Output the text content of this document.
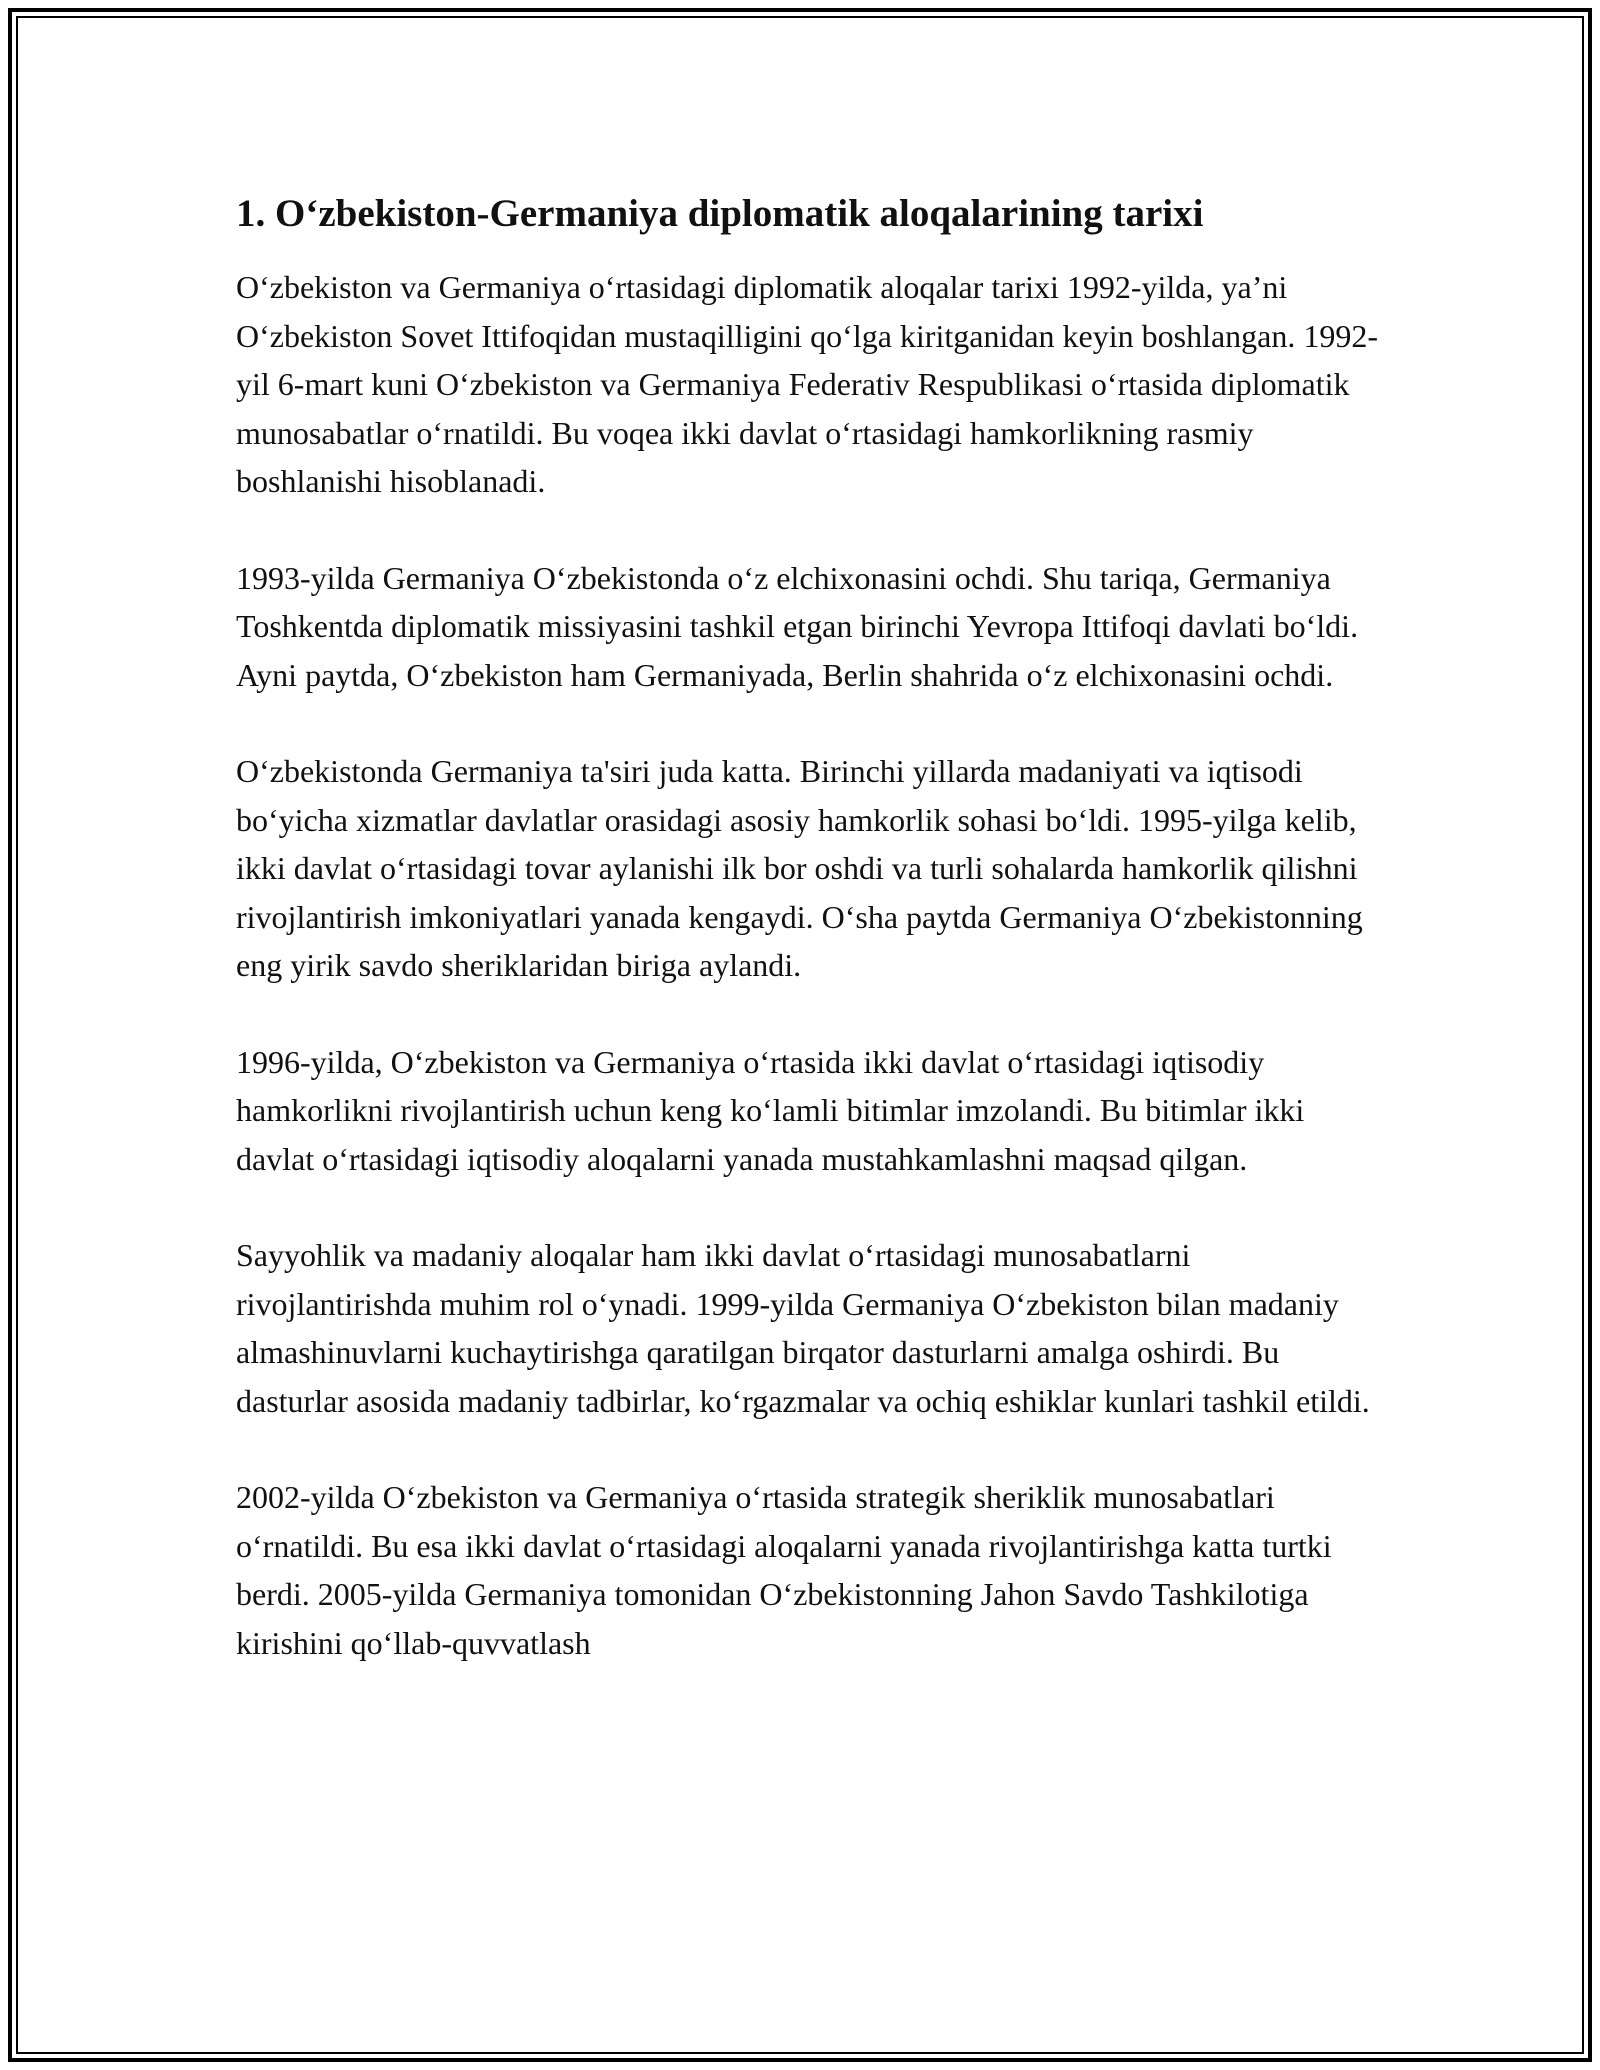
1. O‘zbekiston-Germaniya diplomatik aloqalarining tarixi

O‘zbekiston va Germaniya o‘rtasidagi diplomatik aloqalar tarixi 1992-yilda, ya’ni O‘zbekiston Sovet Ittifoqidan mustaqilligini qo‘lga kiritganidan keyin boshlangan. 1992-yil 6-mart kuni O‘zbekiston va Germaniya Federativ Respublikasi o‘rtasida diplomatik munosabatlar o‘rnatildi. Bu voqea ikki davlat o‘rtasidagi hamkorlikning rasmiy boshlanishi hisoblanadi.

1993-yilda Germaniya O‘zbekistonda o‘z elchixonasini ochdi. Shu tariqa, Germaniya Toshkentda diplomatik missiyasini tashkil etgan birinchi Yevropa Ittifoqi davlati bo‘ldi. Ayni paytda, O‘zbekiston ham Germaniyada, Berlin shahrida o‘z elchixonasini ochdi.

O‘zbekistonda Germaniya ta'siri juda katta. Birinchi yillarda madaniyati va iqtisodi bo‘yicha xizmatlar davlatlar orasidagi asosiy hamkorlik sohasi bo‘ldi. 1995-yilga kelib, ikki davlat o‘rtasidagi tovar aylanishi ilk bor oshdi va turli sohalarda hamkorlik qilishni rivojlantirish imkoniyatlari yanada kengaydi. O‘sha paytda Germaniya O‘zbekistonning eng yirik savdo sheriklaridan biriga aylandi.

1996-yilda, O‘zbekiston va Germaniya o‘rtasida ikki davlat o‘rtasidagi iqtisodiy hamkorlikni rivojlantirish uchun keng ko‘lamli bitimlar imzolandi. Bu bitimlar ikki davlat o‘rtasidagi iqtisodiy aloqalarni yanada mustahkamlashni maqsad qilgan.

Sayyohlik va madaniy aloqalar ham ikki davlat o‘rtasidagi munosabatlarni rivojlantirishda muhim rol o‘ynadi. 1999-yilda Germaniya O‘zbekiston bilan madaniy almashinuvlarni kuchaytirishga qaratilgan birqator dasturlarni amalga oshirdi. Bu dasturlar asosida madaniy tadbirlar, ko‘rgazmalar va ochiq eshiklar kunlari tashkil etildi.

2002-yilda O‘zbekiston va Germaniya o‘rtasida strategik sheriklik munosabatlari o‘rnatildi. Bu esa ikki davlat o‘rtasidagi aloqalarni yanada rivojlantirishga katta turtki berdi. 2005-yilda Germaniya tomonidan O‘zbekistonning Jahon Savdo Tashkilotiga kirishini qo‘llab-quvvatlash
